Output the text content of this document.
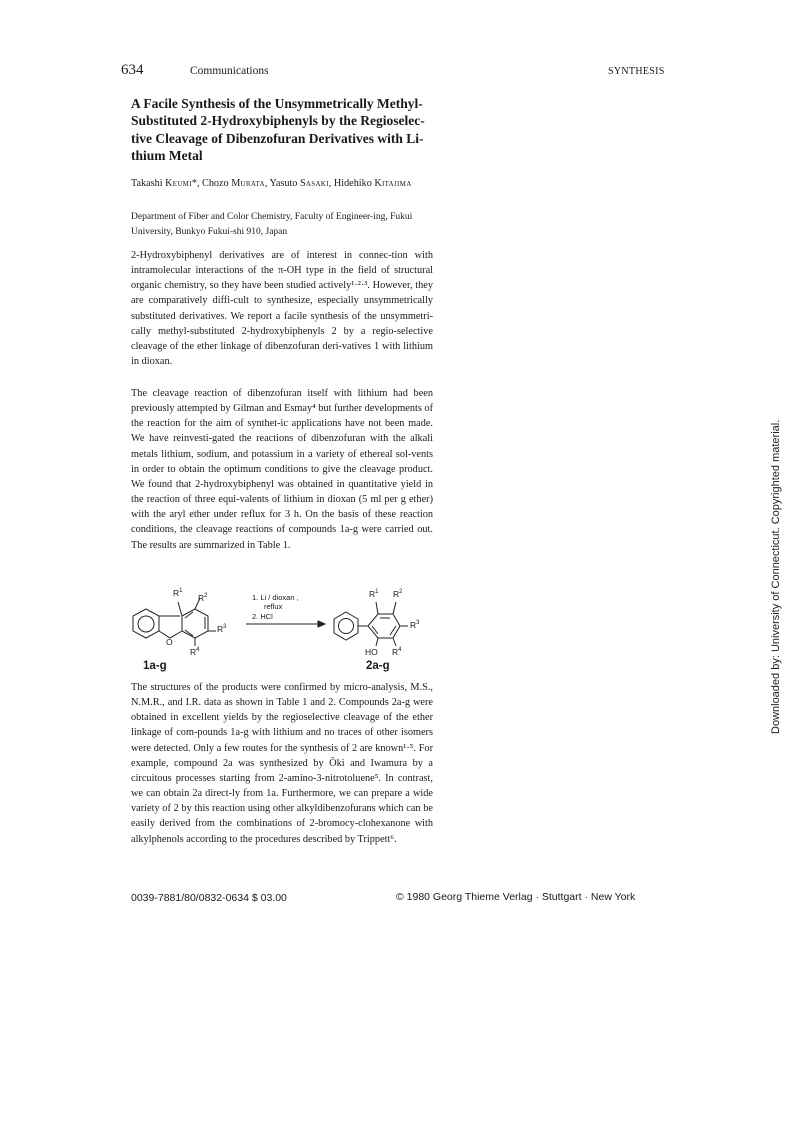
634	Communications	SYNTHESIS
A Facile Synthesis of the Unsymmetrically Methyl-Substituted 2-Hydroxybiphenyls by the Regioselec-tive Cleavage of Dibenzofuran Derivatives with Li-thium Metal
Takashi Keumi*, Chozo Murata, Yasuto Sasaki, Hidehiko Kitajima
Department of Fiber and Color Chemistry, Faculty of Engineer-ing, Fukui University, Bunkyo Fukui-shi 910, Japan
2-Hydroxybiphenyl derivatives are of interest in connec-tion with intramolecular interactions of the π-OH type in the field of structural organic chemistry, so they have been studied actively¹·²·³. However, they are comparatively diffi-cult to synthesize, especially unsymmetrically substituted derivatives. We report a facile synthesis of the unsymmetri-cally methyl-substituted 2-hydroxybiphenyls 2 by a regio-selective cleavage of the ether linkage of dibenzofuran deri-vatives 1 with lithium in dioxan.
The cleavage reaction of dibenzofuran itself with lithium had been previously attempted by Gilman and Esmay⁴ but further developments of the reaction for the aim of synthet-ic applications have not been made. We have reinvesti-gated the reactions of dibenzofuran with the alkali metals lithium, sodium, and potassium in a variety of ethereal sol-vents in order to obtain the optimum conditions to give the cleavage product. We found that 2-hydroxybiphenyl was obtained in quantitative yield in the reaction of three equi-valents of lithium in dioxan (5 ml per g ether) with the aryl ether under reflux for 3 h. On the basis of these reaction conditions, the cleavage reactions of compounds 1a-g were carried out. The results are summarized in Table 1.
$R^1$
$R^2$
$R^3$
$R^4$
O
1. Li / dioxan ,
reflux
2. HCl
$R^1$ $R^2$
$R^3$
HO $R^4$
1a-g	2a-g
The structures of the products were confirmed by micro-analysis, M.S., N.M.R., and I.R. data as shown in Table 1 and 2. Compounds 2a-g were obtained in excellent yields by the regioselective cleavage of the ether linkage of com-pounds 1a-g with lithium and no traces of other isomers were detected. Only a few routes for the synthesis of 2 are known¹·⁵. For example, compound 2a was synthesized by Ōki and Iwamura by a circuitous processes starting from 2-amino-3-nitrotoluene⁵. In contrast, we can obtain 2a direct-ly from 1a. Furthermore, we can prepare a wide variety of 2 by this reaction using other alkyldibenzofurans which can be easily derived from the combinations of 2-bromocy-clohexanone with alkylphenols according to the procedures described by Trippett⁶.
0039-7881/80/0832-0634 $ 03.00	© 1980 Georg Thieme Verlag · Stuttgart · New York
Downloaded by: University of Connecticut. Copyrighted material.
